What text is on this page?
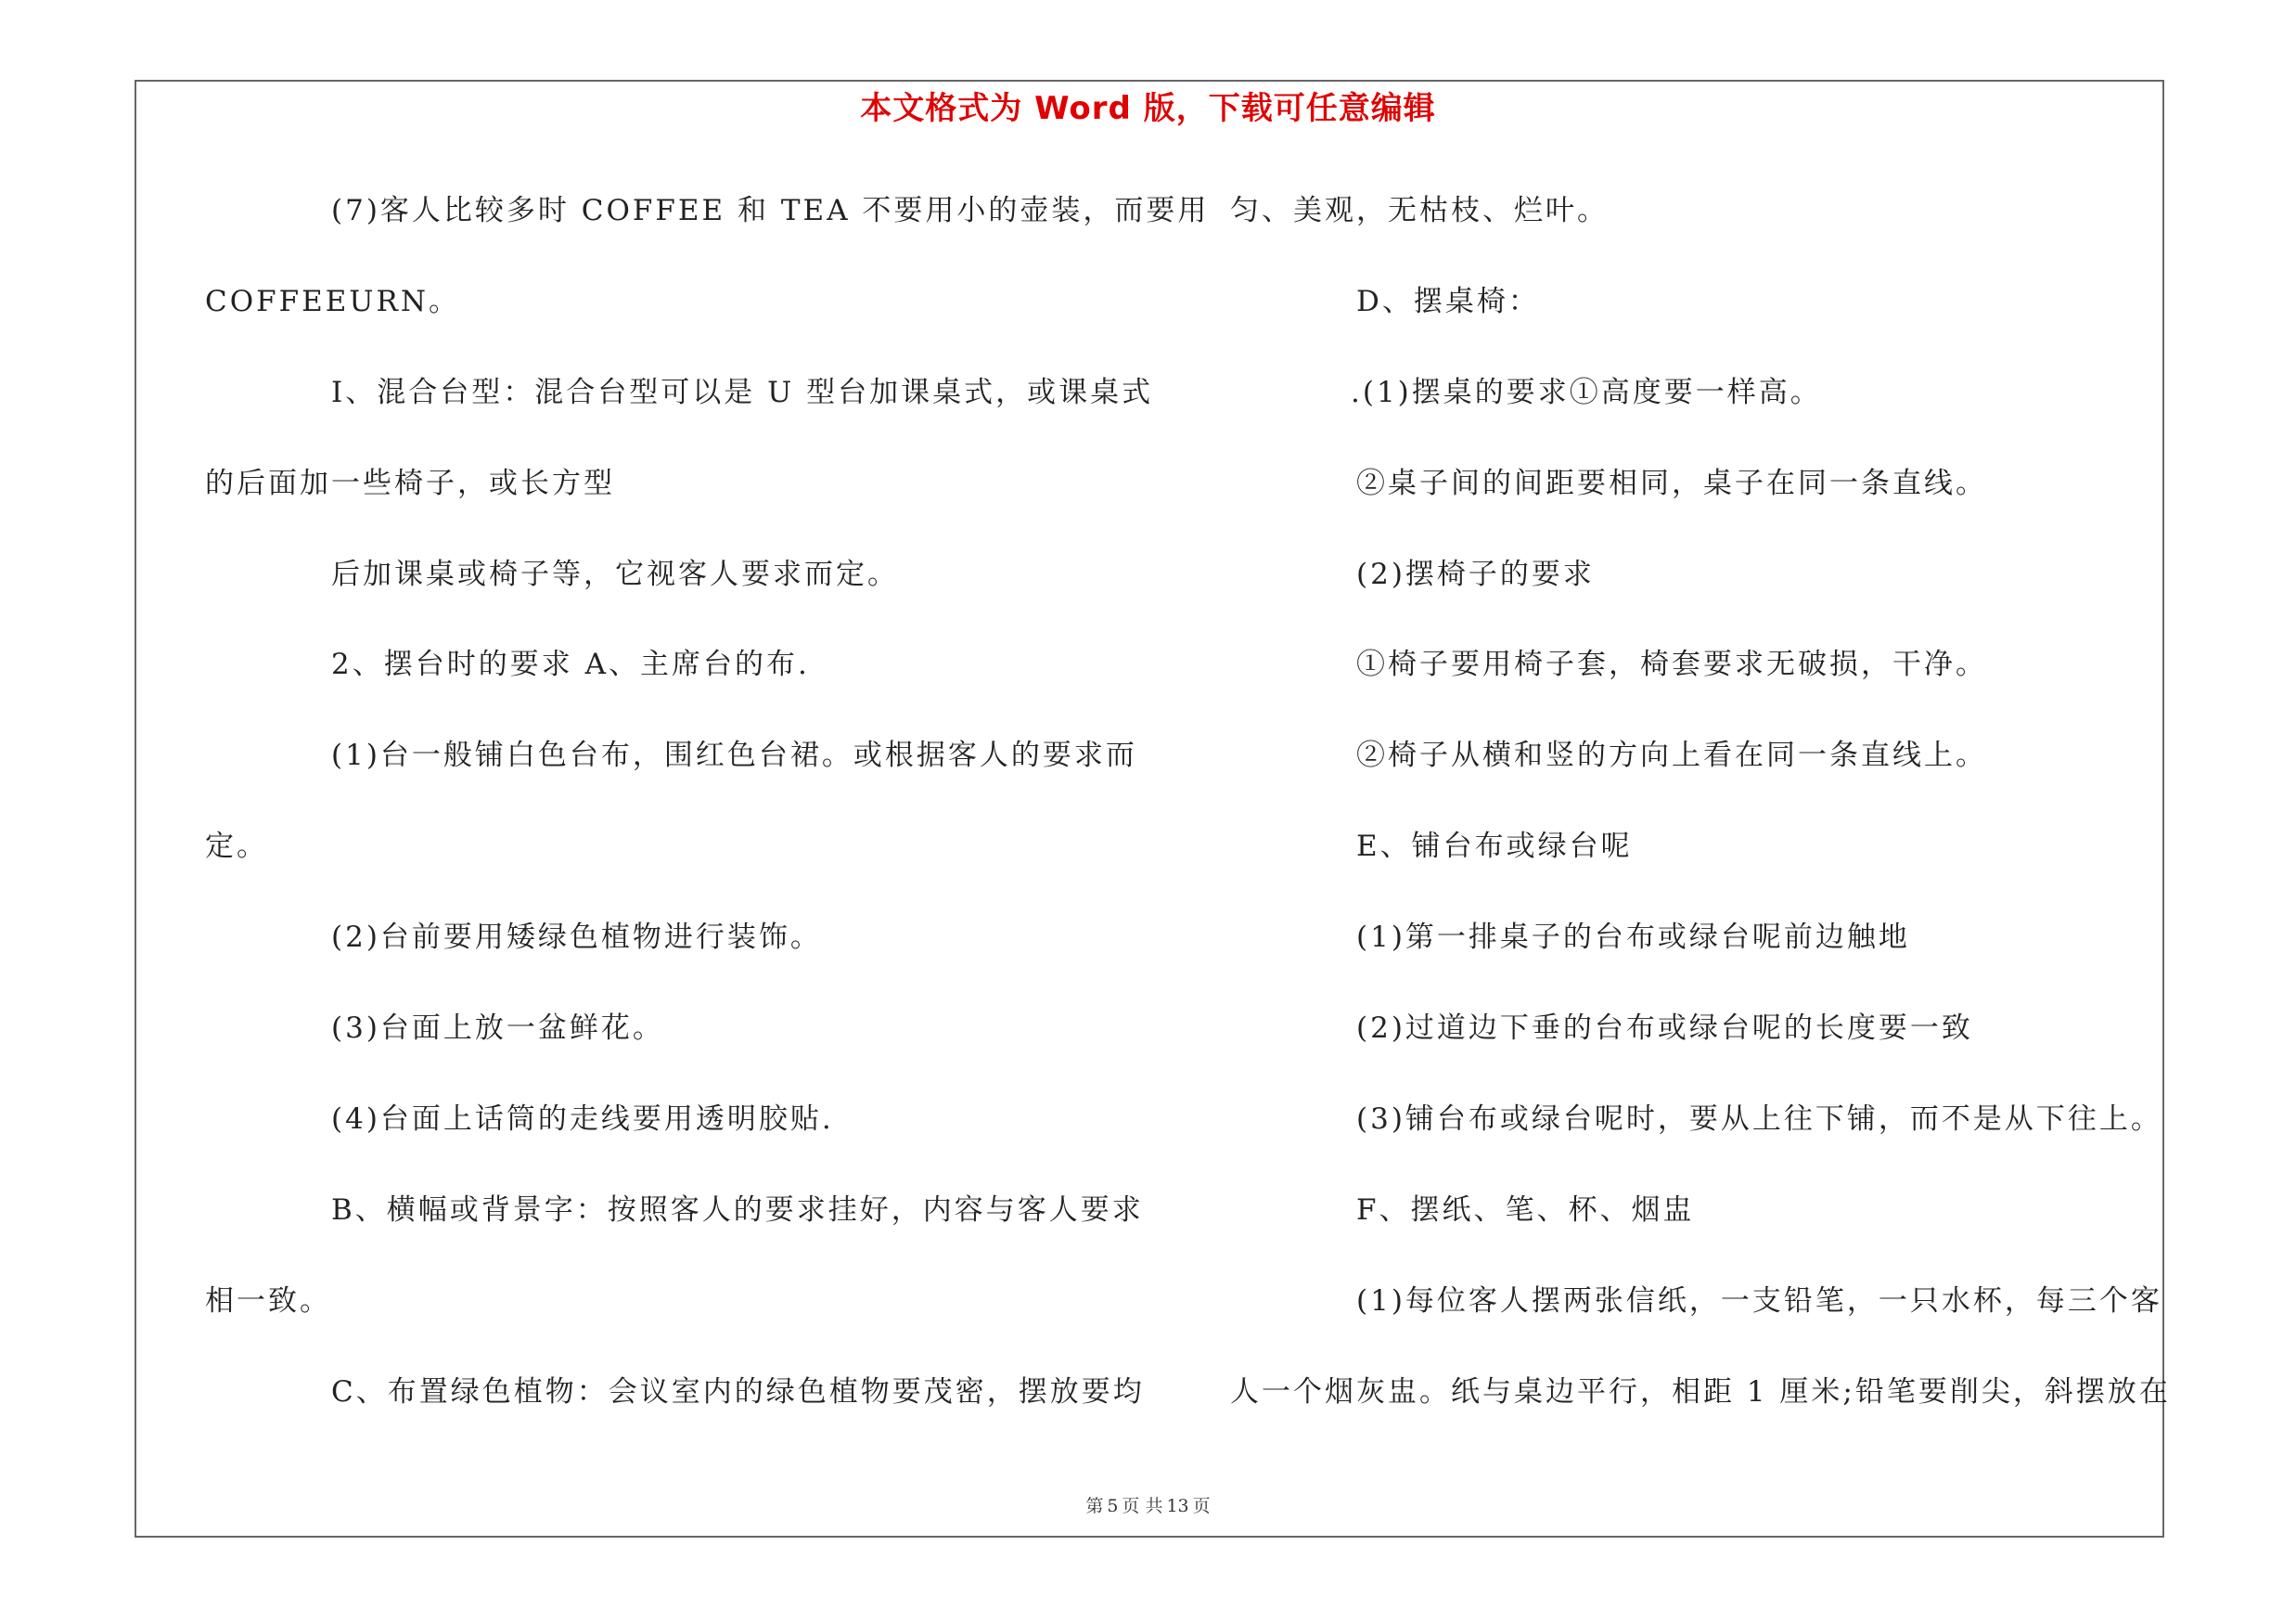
本文格式为 Word 版，下载可任意编辑
(7)客人比较多时 COFFEE 和 TEA 不要用小的壶装，而要用
COFFEEURN。
I、混合台型：混合台型可以是 U 型台加课桌式，或课桌式
的后面加一些椅子，或长方型
后加课桌或椅子等，它视客人要求而定。
2、摆台时的要求 A、主席台的布.
(1)台一般铺白色台布，围红色台裙。或根据客人的要求而
定。
(2)台前要用矮绿色植物进行装饰。
(3)台面上放一盆鲜花。
(4)台面上话筒的走线要用透明胶贴.
B、横幅或背景字：按照客人的要求挂好，内容与客人要求
相一致。
C、布置绿色植物：会议室内的绿色植物要茂密，摆放要均
匀、美观，无枯枝、烂叶。
D、摆桌椅：
.(1)摆桌的要求①高度要一样高。
②桌子间的间距要相同，桌子在同一条直线。
(2)摆椅子的要求
①椅子要用椅子套，椅套要求无破损，干净。
②椅子从横和竖的方向上看在同一条直线上。
E、铺台布或绿台呢
(1)第一排桌子的台布或绿台呢前边触地
(2)过道边下垂的台布或绿台呢的长度要一致
(3)铺台布或绿台呢时，要从上往下铺，而不是从下往上。
F、摆纸、笔、杯、烟盅
(1)每位客人摆两张信纸，一支铅笔，一只水杯，每三个客
人一个烟灰盅。纸与桌边平行，相距 1 厘米;铅笔要削尖，斜摆放在
第 5 页 共 13 页
